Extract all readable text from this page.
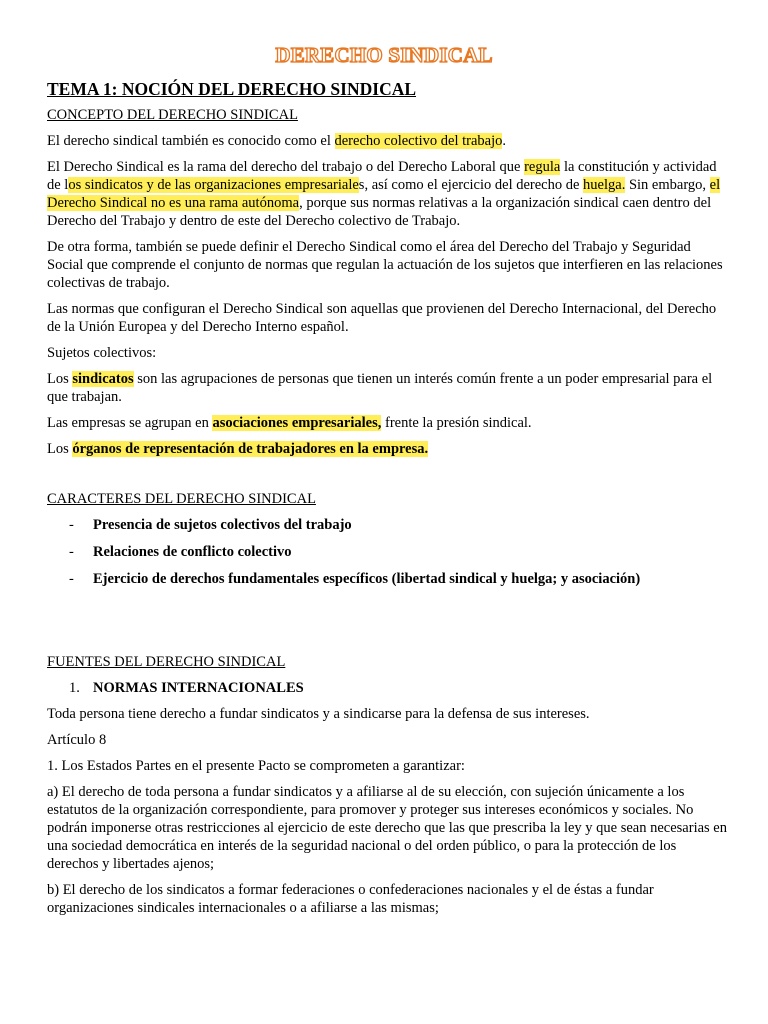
DERECHO SINDICAL
TEMA 1: NOCIÓN DEL DERECHO SINDICAL
CONCEPTO DEL DERECHO SINDICAL

El derecho sindical también es conocido como el derecho colectivo del trabajo.

El Derecho Sindical es la rama del derecho del trabajo o del Derecho Laboral que regula la constitución y actividad de los sindicatos y de las organizaciones empresariales, así como el ejercicio del derecho de huelga. Sin embargo, el Derecho Sindical no es una rama autónoma, porque sus normas relativas a la organización sindical caen dentro del Derecho del Trabajo y dentro de este del Derecho colectivo de Trabajo.

De otra forma, también se puede definir el Derecho Sindical como el área del Derecho del Trabajo y Seguridad Social que comprende el conjunto de normas que regulan la actuación de los sujetos que interfieren en las relaciones colectivas de trabajo.

Las normas que configuran el Derecho Sindical son aquellas que provienen del Derecho Internacional, del Derecho de la Unión Europea y del Derecho Interno español.

Sujetos colectivos:

Los sindicatos son las agrupaciones de personas que tienen un interés común frente a un poder empresarial para el que trabajan.

Las empresas se agrupan en asociaciones empresariales, frente la presión sindical.

Los órganos de representación de trabajadores en la empresa.

CARACTERES DEL DERECHO SINDICAL
- Presencia de sujetos colectivos del trabajo
- Relaciones de conflicto colectivo
- Ejercicio de derechos fundamentales específicos (libertad sindical y huelga; y asociación)
FUENTES DEL DERECHO SINDICAL
1. NORMAS INTERNACIONALES

Toda persona tiene derecho a fundar sindicatos y a sindicarse para la defensa de sus intereses.

Artículo 8

1. Los Estados Partes en el presente Pacto se comprometen a garantizar:

a) El derecho de toda persona a fundar sindicatos y a afiliarse al de su elección, con sujeción únicamente a los estatutos de la organización correspondiente, para promover y proteger sus intereses económicos y sociales. No podrán imponerse otras restricciones al ejercicio de este derecho que las que prescriba la ley y que sean necesarias en una sociedad democrática en interés de la seguridad nacional o del orden público, o para la protección de los derechos y libertades ajenos;

b) El derecho de los sindicatos a formar federaciones o confederaciones nacionales y el de éstas a fundar organizaciones sindicales internacionales o a afiliarse a las mismas;
